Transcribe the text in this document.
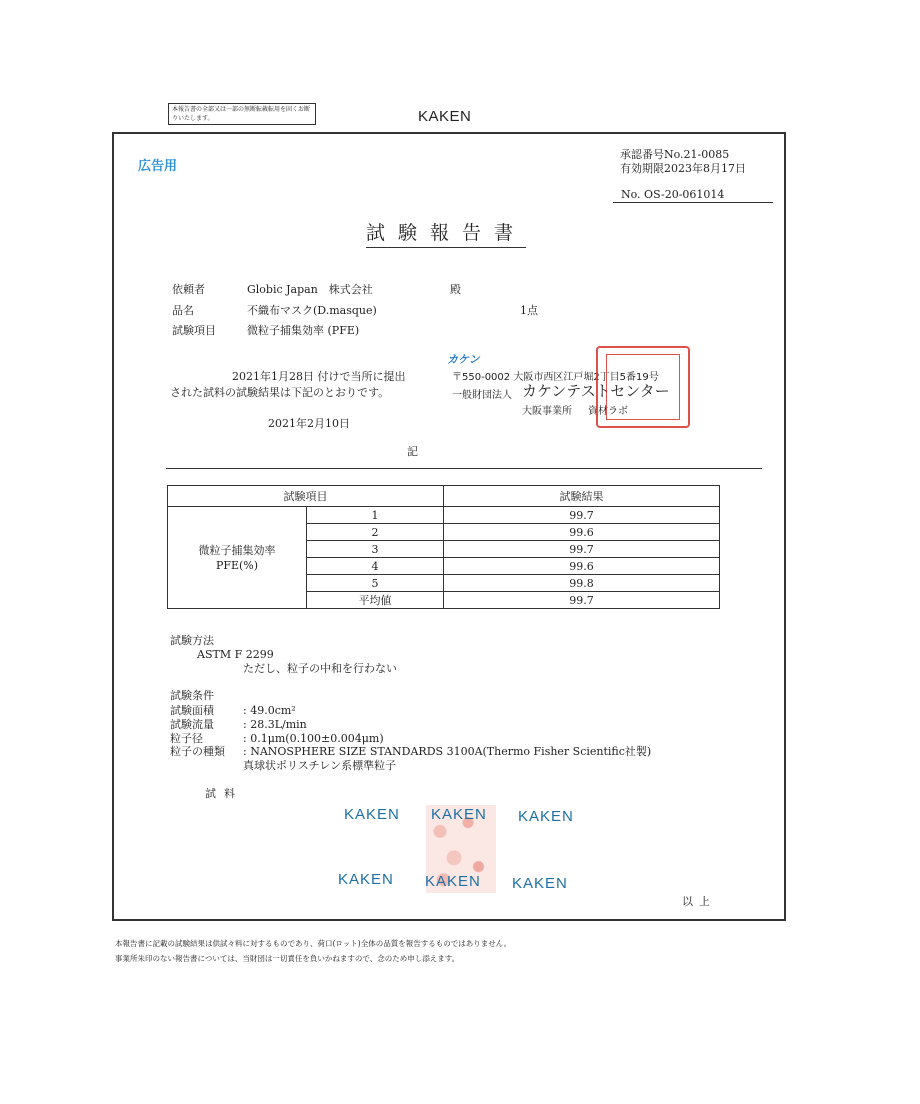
本報告書の全部又は一部の無断転載転用を固くお断りいたします。	KAKEN
広告用
承認番号No.21-0085
有効期限2023年8月17日
No. OS-20-061014
試験報告書
依頼者	Globic Japan　株式会社	殿
品名	不織布マスク(D.masque)	1点
試験項目	微粒子捕集効率 (PFE)
2021年1月28日 付けで当所に提出
された試料の試験結果は下記のとおりです。
2021年2月10日
記
カケン
〒550-0002 大阪市西区江戸堀2丁目5番19号
一般財団法人 カケンテストセンター
大阪事業所 資材ラボ
試験項目		試験結果

微粒子捕集効率
PFE(%)	1	99.7
	2	99.6
	3	99.7
	4	99.6
	5	99.8
	平均値	99.7
試験方法
ASTM F 2299
ただし、粒子の中和を行わない
試験条件
試験面積	: 49.0cm²
試験流量	: 28.3L/min
粒子径	: 0.1μm(0.100±0.004μm)
粒子の種類 : NANOSPHERE SIZE STANDARDS 3100A(Thermo Fisher Scientific社製)
真球状ポリスチレン系標準粒子
試料
KAKEN KAKEN KAKEN
KAKEN KAKEN KAKEN
以上
本報告書に記載の試験結果は供試々料に対するものであり、荷口(ロット)全体の品質を報告するものではありません。
事業所朱印のない報告書については、当財団は一切責任を負いかねますので、念のため申し添えます。
